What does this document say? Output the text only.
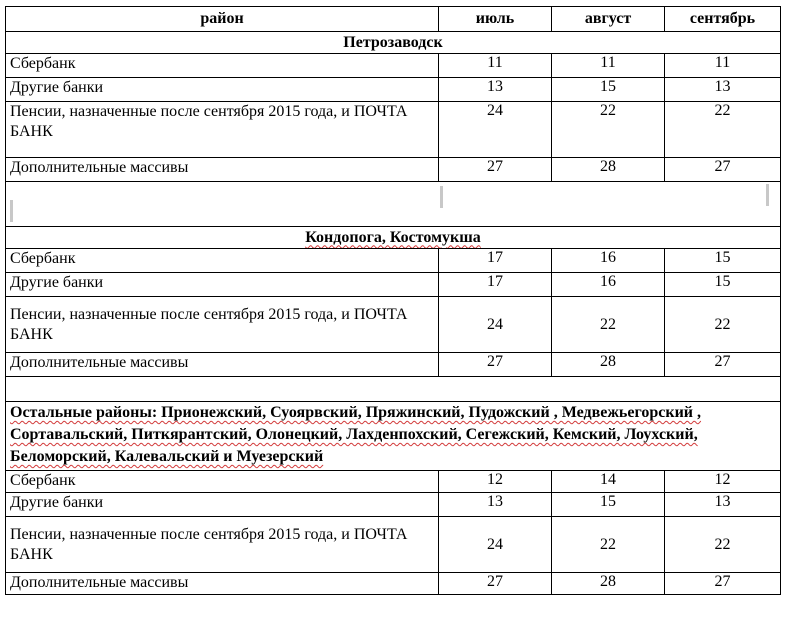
район	июль	август	сентябрь
Петрозаводск			
Сбербанк	11	11	11
Другие банки	13	15	13
Пенсии, назначенные после сентября 2015 года, и ПОЧТА БАНК	24	22	22
Дополнительные массивы	27	28	27

Кондопога, Костомукша			
Сбербанк	17	16	15
Другие банки	17	16	15
Пенсии, назначенные после сентября 2015 года, и ПОЧТА БАНК	24	22	22
Дополнительные массивы	27	28	27

Остальные районы: Прионежский, Суоярвский, Пряжинский, Пудожский , Медвежьегорский , Сортавальский, Питкярантский, Олонецкий, Лахденпохский, Сегежский, Кемский, Лоухский, Беломорский, Калевальский и Муезерский			
Сбербанк	12	14	12
Другие банки	13	15	13
Пенсии, назначенные после сентября 2015 года, и ПОЧТА БАНК	24	22	22
Дополнительные массивы	27	28	27
